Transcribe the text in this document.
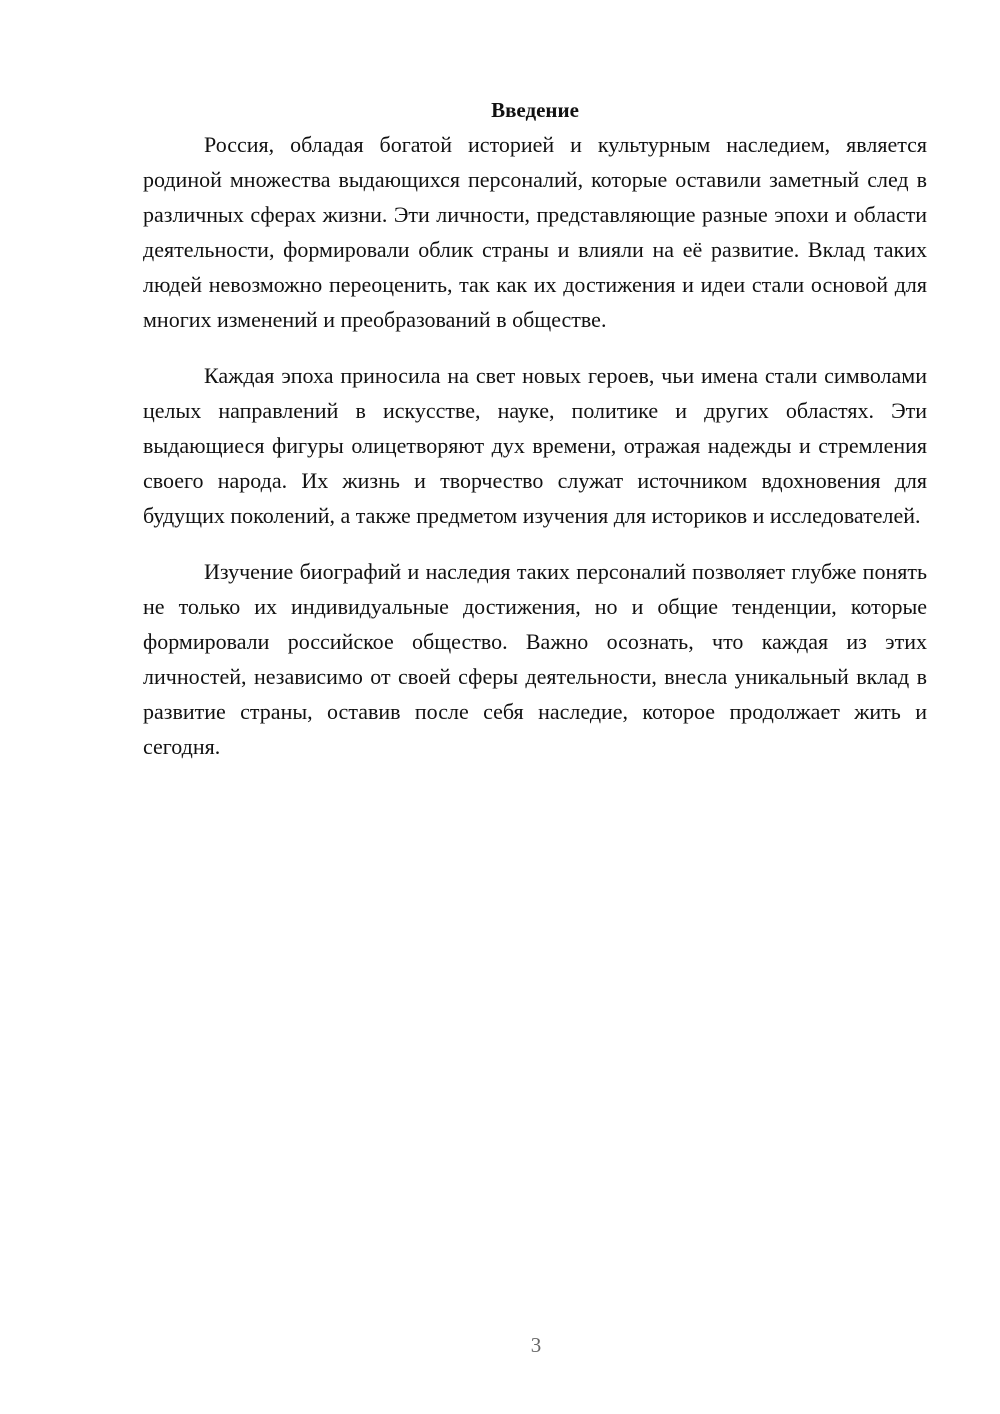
Введение

Россия, обладая богатой историей и культурным наследием, является родиной множества выдающихся персоналий, которые оставили заметный след в различных сферах жизни. Эти личности, представляющие разные эпохи и области деятельности, формировали облик страны и влияли на её развитие. Вклад таких людей невозможно переоценить, так как их достижения и идеи стали основой для многих изменений и преобразований в обществе.

Каждая эпоха приносила на свет новых героев, чьи имена стали символами целых направлений в искусстве, науке, политике и других областях. Эти выдающиеся фигуры олицетворяют дух времени, отражая надежды и стремления своего народа. Их жизнь и творчество служат источником вдохновения для будущих поколений, а также предметом изучения для историков и исследователей.

Изучение биографий и наследия таких персоналий позволяет глубже понять не только их индивидуальные достижения, но и общие тенденции, которые формировали российское общество. Важно осознать, что каждая из этих личностей, независимо от своей сферы деятельности, внесла уникальный вклад в развитие страны, оставив после себя наследие, которое продолжает жить и сегодня.

3
